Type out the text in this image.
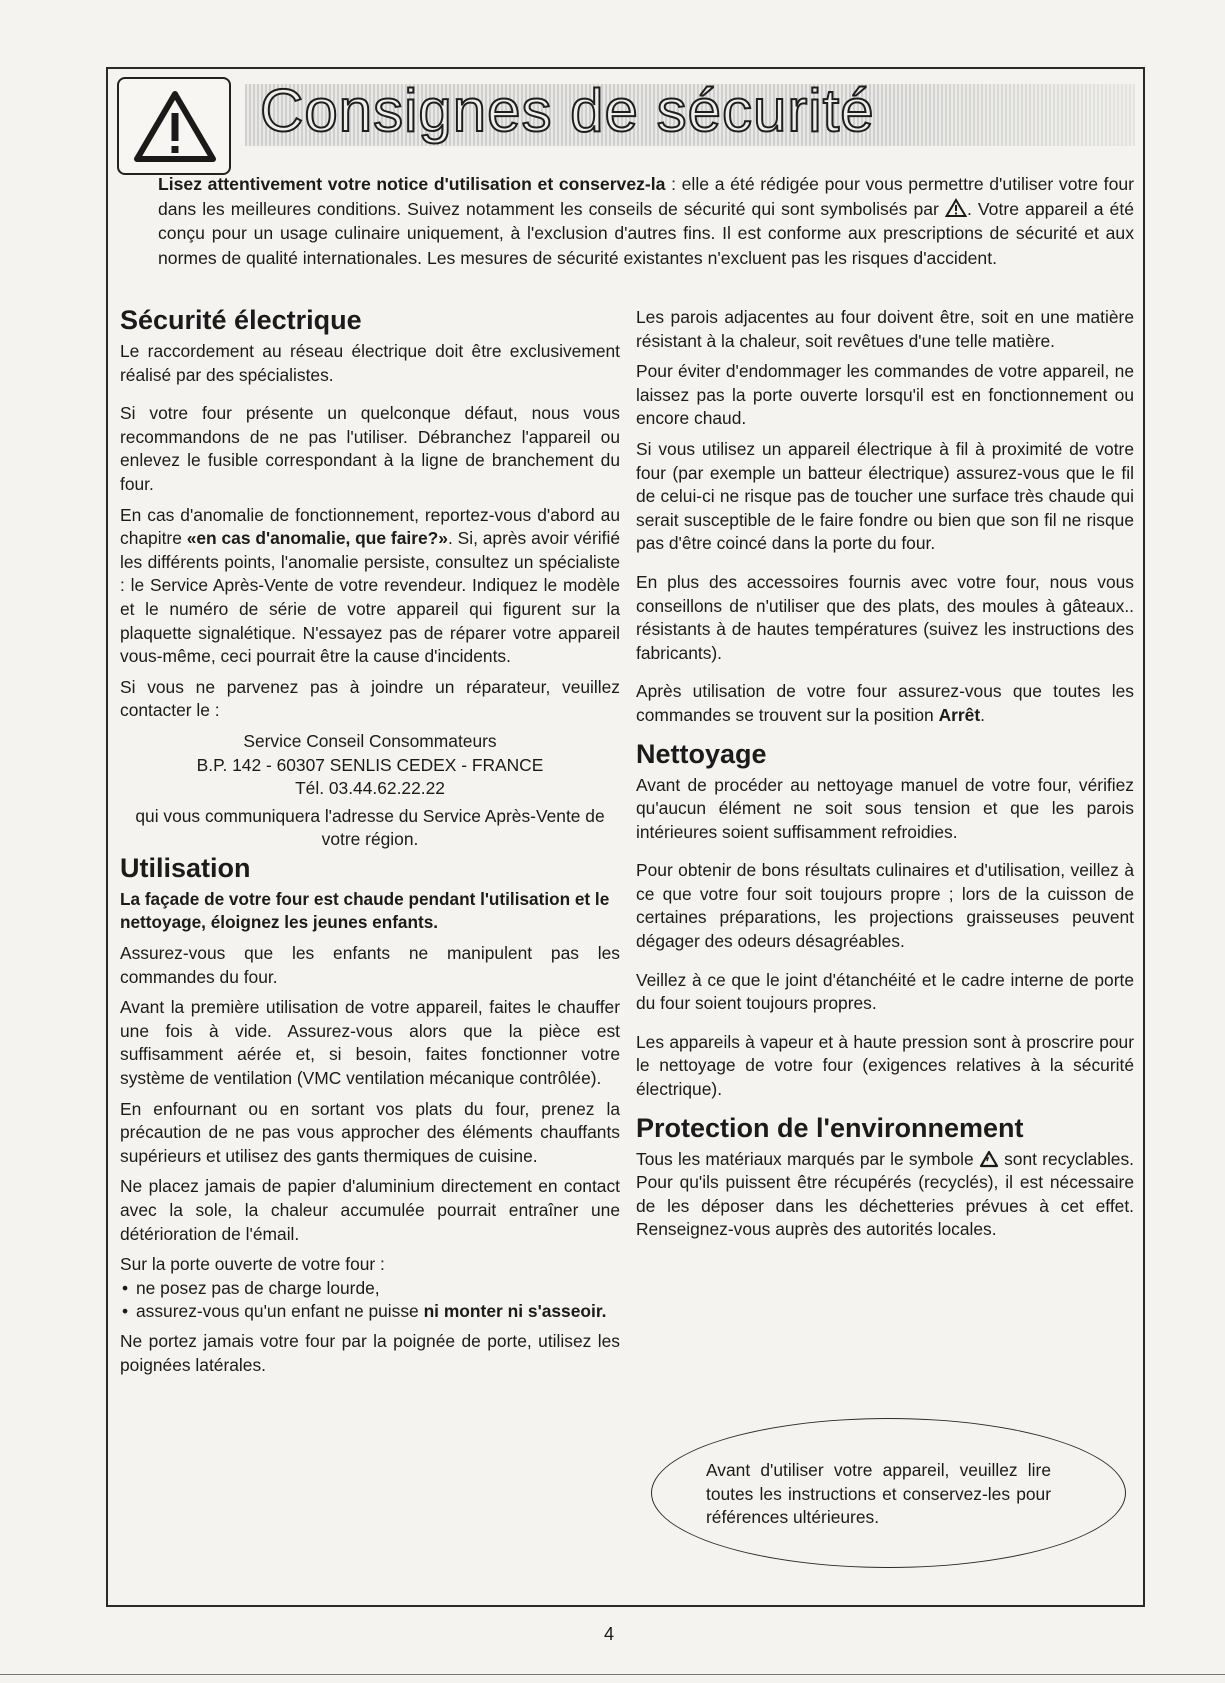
Consignes de sécurité
Lisez attentivement votre notice d'utilisation et conservez-la : elle a été rédigée pour vous permettre d'utiliser votre four dans les meilleures conditions. Suivez notamment les conseils de sécurité qui sont symbolisés par . Votre appareil a été conçu pour un usage culinaire uniquement, à l'exclusion d'autres fins. Il est conforme aux prescriptions de sécurité et aux normes de qualité internationales. Les mesures de sécurité existantes n'excluent pas les risques d'accident.
Sécurité électrique

Le raccordement au réseau électrique doit être exclusivement réalisé par des spécialistes.

Si votre four présente un quelconque défaut, nous vous recommandons de ne pas l'utiliser. Débranchez l'appareil ou enlevez le fusible correspondant à la ligne de branchement du four.

En cas d'anomalie de fonctionnement, reportez-vous d'abord au chapitre «en cas d'anomalie, que faire?». Si, après avoir vérifié les différents points, l'anomalie persiste, consultez un spécialiste : le Service Après-Vente de votre revendeur. Indiquez le modèle et le numéro de série de votre appareil qui figurent sur la plaquette signalétique. N'essayez pas de réparer votre appareil vous-même, ceci pourrait être la cause d'incidents.

Si vous ne parvenez pas à joindre un réparateur, veuillez contacter le :

Service Conseil Consommateurs

B.P. 142 - 60307 SENLIS CEDEX - FRANCE

Tél. 03.44.62.22.22

qui vous communiquera l'adresse du Service Après-Vente de votre région.

Utilisation

La façade de votre four est chaude pendant l'utilisation et le nettoyage, éloignez les jeunes enfants.

Assurez-vous que les enfants ne manipulent pas les commandes du four.

Avant la première utilisation de votre appareil, faites le chauffer une fois à vide. Assurez-vous alors que la pièce est suffisamment aérée et, si besoin, faites fonctionner votre système de ventilation (VMC ventilation mécanique contrôlée).

En enfournant ou en sortant vos plats du four, prenez la précaution de ne pas vous approcher des éléments chauffants supérieurs et utilisez des gants thermiques de cuisine.

Ne placez jamais de papier d'aluminium directement en contact avec la sole, la chaleur accumulée pourrait entraîner une détérioration de l'émail.

Sur la porte ouverte de votre four :

• ne posez pas de charge lourde,
• assurez-vous qu'un enfant ne puisse ni monter ni s'asseoir.

Ne portez jamais votre four par la poignée de porte, utilisez les poignées latérales.

Les parois adjacentes au four doivent être, soit en une matière résistant à la chaleur, soit revêtues d'une telle matière.

Pour éviter d'endommager les commandes de votre appareil, ne laissez pas la porte ouverte lorsqu'il est en fonctionnement ou encore chaud.

Si vous utilisez un appareil électrique à fil à proximité de votre four (par exemple un batteur électrique) assurez-vous que le fil de celui-ci ne risque pas de toucher une surface très chaude qui serait susceptible de le faire fondre ou bien que son fil ne risque pas d'être coincé dans la porte du four.

En plus des accessoires fournis avec votre four, nous vous conseillons de n'utiliser que des plats, des moules à gâteaux.. résistants à de hautes températures (suivez les instructions des fabricants).

Après utilisation de votre four assurez-vous que toutes les commandes se trouvent sur la position Arrêt.

Nettoyage

Avant de procéder au nettoyage manuel de votre four, vérifiez qu'aucun élément ne soit sous tension et que les parois intérieures soient suffisamment refroidies.

Pour obtenir de bons résultats culinaires et d'utilisation, veillez à ce que votre four soit toujours propre ; lors de la cuisson de certaines préparations, les projections graisseuses peuvent dégager des odeurs désagréables.

Veillez à ce que le joint d'étanchéité et le cadre interne de porte du four soient toujours propres.

Les appareils à vapeur et à haute pression sont à proscrire pour le nettoyage de votre four (exigences relatives à la sécurité électrique).

Protection de l'environnement

Tous les matériaux marqués par le symbole  sont recyclables. Pour qu'ils puissent être récupérés (recyclés), il est nécessaire de les déposer dans les déchetteries prévues à cet effet. Renseignez-vous auprès des autorités locales.

Avant d'utiliser votre appareil, veuillez lire toutes les instructions et conservez-les pour références ultérieures.
4
